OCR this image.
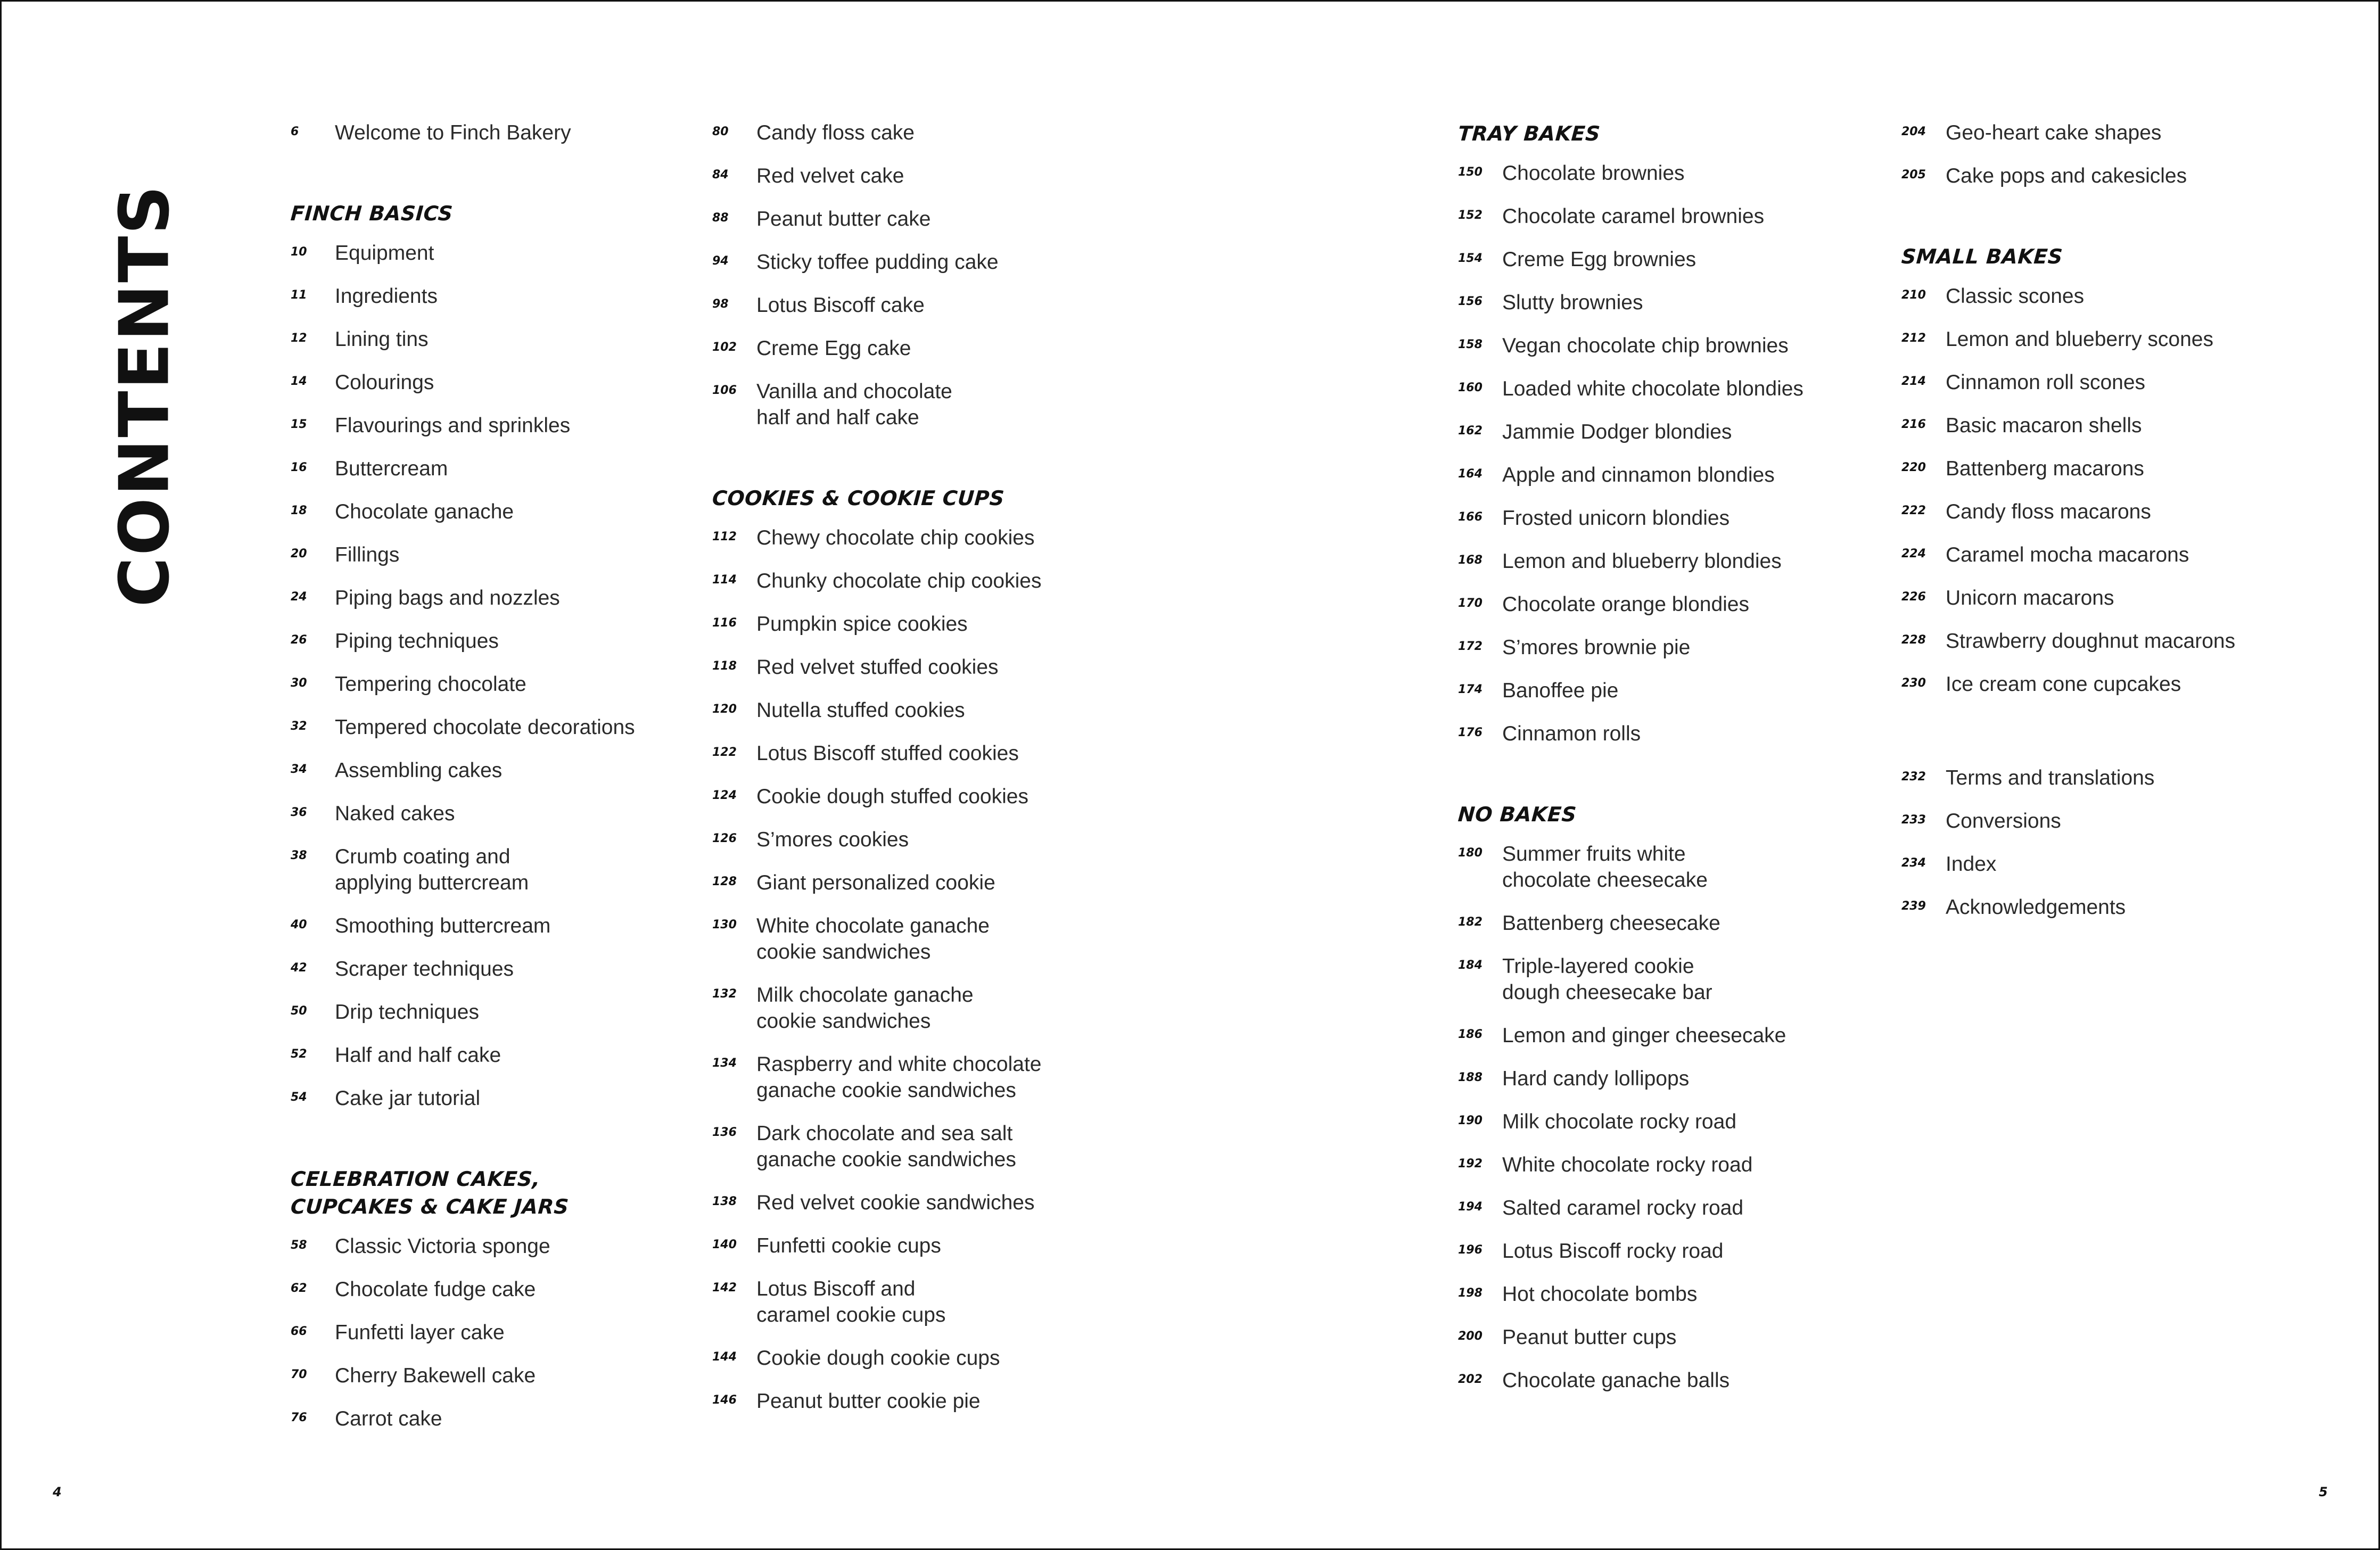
CONTENTS
6 Welcome to Finch Bakery
FINCH BASICS
10 Equipment
11 Ingredients
12 Lining tins
14 Colourings
15 Flavourings and sprinkles
16 Buttercream
18 Chocolate ganache
20 Fillings
24 Piping bags and nozzles
26 Piping techniques
30 Tempering chocolate
32 Tempered chocolate decorations
34 Assembling cakes
36 Naked cakes
38 Crumb coating and
applying buttercream
40 Smoothing buttercream
42 Scraper techniques
50 Drip techniques
52 Half and half cake
54 Cake jar tutorial
CELEBRATION CAKES,
CUPCAKES & CAKE JARS
58 Classic Victoria sponge
62 Chocolate fudge cake
66 Funfetti layer cake
70 Cherry Bakewell cake
76 Carrot cake
80 Candy floss cake
84 Red velvet cake
88 Peanut butter cake
94 Sticky toffee pudding cake
98 Lotus Biscoff cake
102 Creme Egg cake
106 Vanilla and chocolate
half and half cake
COOKIES & COOKIE CUPS
112 Chewy chocolate chip cookies
114 Chunky chocolate chip cookies
116 Pumpkin spice cookies
118 Red velvet stuffed cookies
120 Nutella stuffed cookies
122 Lotus Biscoff stuffed cookies
124 Cookie dough stuffed cookies
126 S’mores cookies
128 Giant personalized cookie
130 White chocolate ganache
cookie sandwiches
132 Milk chocolate ganache
cookie sandwiches
134 Raspberry and white chocolate
ganache cookie sandwiches
136 Dark chocolate and sea salt
ganache cookie sandwiches
138 Red velvet cookie sandwiches
140 Funfetti cookie cups
142 Lotus Biscoff and
caramel cookie cups
144 Cookie dough cookie cups
146 Peanut butter cookie pie
TRAY BAKES
150 Chocolate brownies
152 Chocolate caramel brownies
154 Creme Egg brownies
156 Slutty brownies
158 Vegan chocolate chip brownies
160 Loaded white chocolate blondies
162 Jammie Dodger blondies
164 Apple and cinnamon blondies
166 Frosted unicorn blondies
168 Lemon and blueberry blondies
170 Chocolate orange blondies
172 S’mores brownie pie
174 Banoffee pie
176 Cinnamon rolls
NO BAKES
180 Summer fruits white
chocolate cheesecake
182 Battenberg cheesecake
184 Triple-layered cookie
dough cheesecake bar
186 Lemon and ginger cheesecake
188 Hard candy lollipops
190 Milk chocolate rocky road
192 White chocolate rocky road
194 Salted caramel rocky road
196 Lotus Biscoff rocky road
198 Hot chocolate bombs
200 Peanut butter cups
202 Chocolate ganache balls
204 Geo-heart cake shapes
205 Cake pops and cakesicles
SMALL BAKES
210 Classic scones
212 Lemon and blueberry scones
214 Cinnamon roll scones
216 Basic macaron shells
220 Battenberg macarons
222 Candy floss macarons
224 Caramel mocha macarons
226 Unicorn macarons
228 Strawberry doughnut macarons
230 Ice cream cone cupcakes
232 Terms and translations
233 Conversions
234 Index
239 Acknowledgements
4	5
